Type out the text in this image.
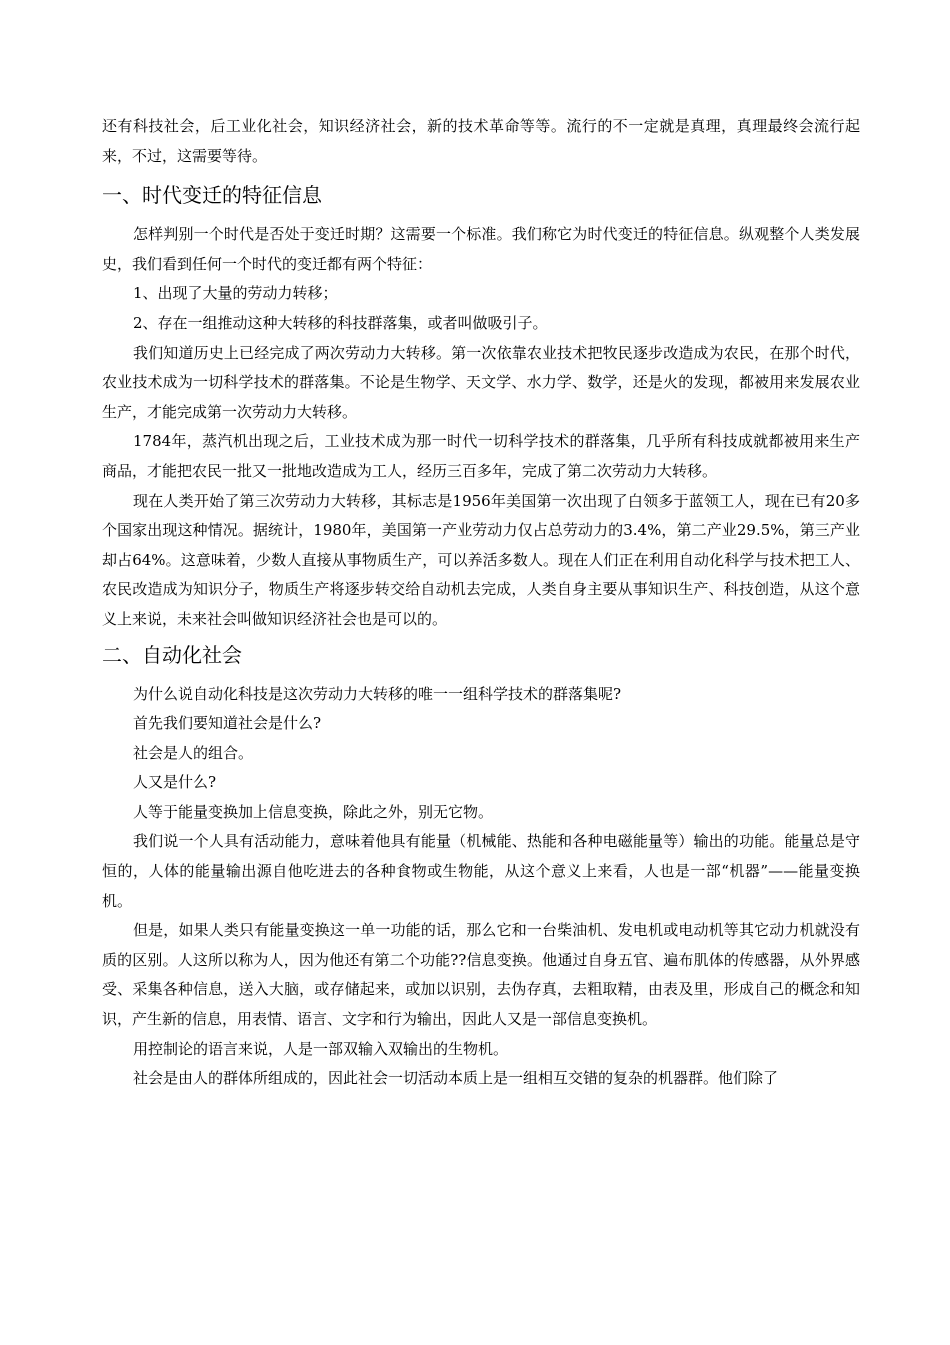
还有科技社会，后工业化社会，知识经济社会，新的技术革命等等。流行的不一定就是真理，真理最终会流行起来，不过，这需要等待。

一、时代变迁的特征信息

怎样判别一个时代是否处于变迁时期？这需要一个标准。我们称它为时代变迁的特征信息。纵观整个人类发展史，我们看到任何一个时代的变迁都有两个特征：

1、出现了大量的劳动力转移；

2、存在一组推动这种大转移的科技群落集，或者叫做吸引子。

我们知道历史上已经完成了两次劳动力大转移。第一次依靠农业技术把牧民逐步改造成为农民，在那个时代，农业技术成为一切科学技术的群落集。不论是生物学、天文学、水力学、数学，还是火的发现，都被用来发展农业生产，才能完成第一次劳动力大转移。

1784年，蒸汽机出现之后，工业技术成为那一时代一切科学技术的群落集，几乎所有科技成就都被用来生产商品，才能把农民一批又一批地改造成为工人，经历三百多年，完成了第二次劳动力大转移。

现在人类开始了第三次劳动力大转移，其标志是1956年美国第一次出现了白领多于蓝领工人，现在已有20多个国家出现这种情况。据统计，1980年，美国第一产业劳动力仅占总劳动力的3.4%，第二产业29.5%，第三产业却占64%。这意味着，少数人直接从事物质生产，可以养活多数人。现在人们正在利用自动化科学与技术把工人、农民改造成为知识分子，物质生产将逐步转交给自动机去完成，人类自身主要从事知识生产、科技创造，从这个意义上来说，未来社会叫做知识经济社会也是可以的。

二、自动化社会

为什么说自动化科技是这次劳动力大转移的唯一一组科学技术的群落集呢?

首先我们要知道社会是什么?

社会是人的组合。

人又是什么?

人等于能量变换加上信息变换，除此之外，别无它物。

我们说一个人具有活动能力，意味着他具有能量（机械能、热能和各种电磁能量等）输出的功能。能量总是守恒的，人体的能量输出源自他吃进去的各种食物或生物能，从这个意义上来看，人也是一部“机器”——能量变换机。

但是，如果人类只有能量变换这一单一功能的话，那么它和一台柴油机、发电机或电动机等其它动力机就没有质的区别。人这所以称为人，因为他还有第二个功能??信息变换。他通过自身五官、遍布肌体的传感器，从外界感受、采集各种信息，送入大脑，或存储起来，或加以识别，去伪存真，去粗取精，由表及里，形成自己的概念和知识，产生新的信息，用表情、语言、文字和行为输出，因此人又是一部信息变换机。

用控制论的语言来说，人是一部双输入双输出的生物机。

社会是由人的群体所组成的，因此社会一切活动本质上是一组相互交错的复杂的机器群。他们除了
